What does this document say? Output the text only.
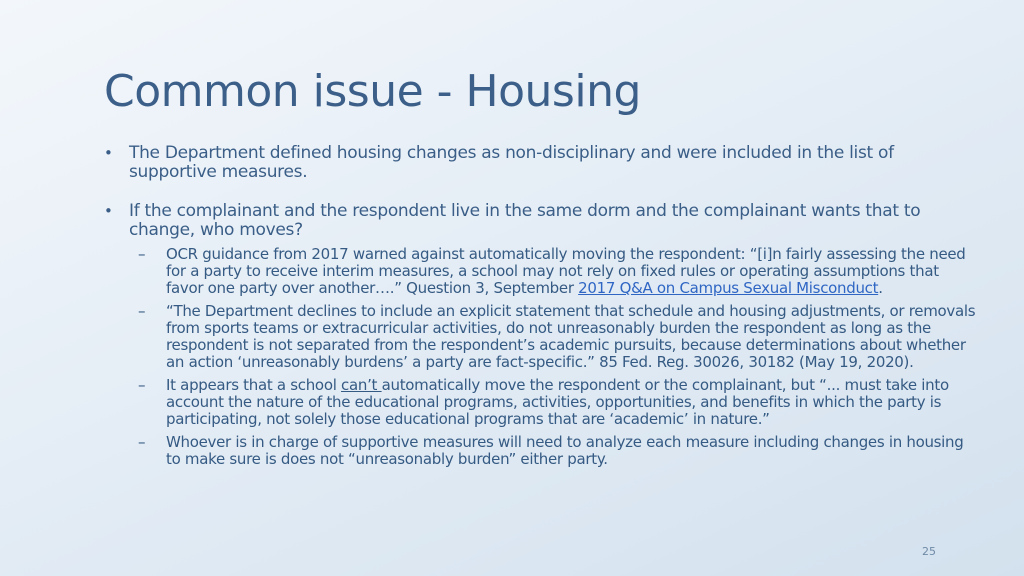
Common issue - Housing
• The Department defined housing changes as non-disciplinary and were included in the list of supportive measures.
• If the complainant and the respondent live in the same dorm and the complainant wants that to change, who moves?
– OCR guidance from 2017 warned against automatically moving the respondent: “[i]n fairly assessing the need for a party to receive interim measures, a school may not rely on fixed rules or operating assumptions that favor one party over another….” Question 3, September 2017 Q&A on Campus Sexual Misconduct.
– “The Department declines to include an explicit statement that schedule and housing adjustments, or removals from sports teams or extracurricular activities, do not unreasonably burden the respondent as long as the respondent is not separated from the respondent’s academic pursuits, because determinations about whether an action ‘unreasonably burdens’ a party are fact-specific.” 85 Fed. Reg. 30026, 30182 (May 19, 2020).
– It appears that a school can’t automatically move the respondent or the complainant, but “... must take into account the nature of the educational programs, activities, opportunities, and benefits in which the party is participating, not solely those educational programs that are ‘academic’ in nature.”
– Whoever is in charge of supportive measures will need to analyze each measure including changes in housing to make sure is does not “unreasonably burden” either party.
25
